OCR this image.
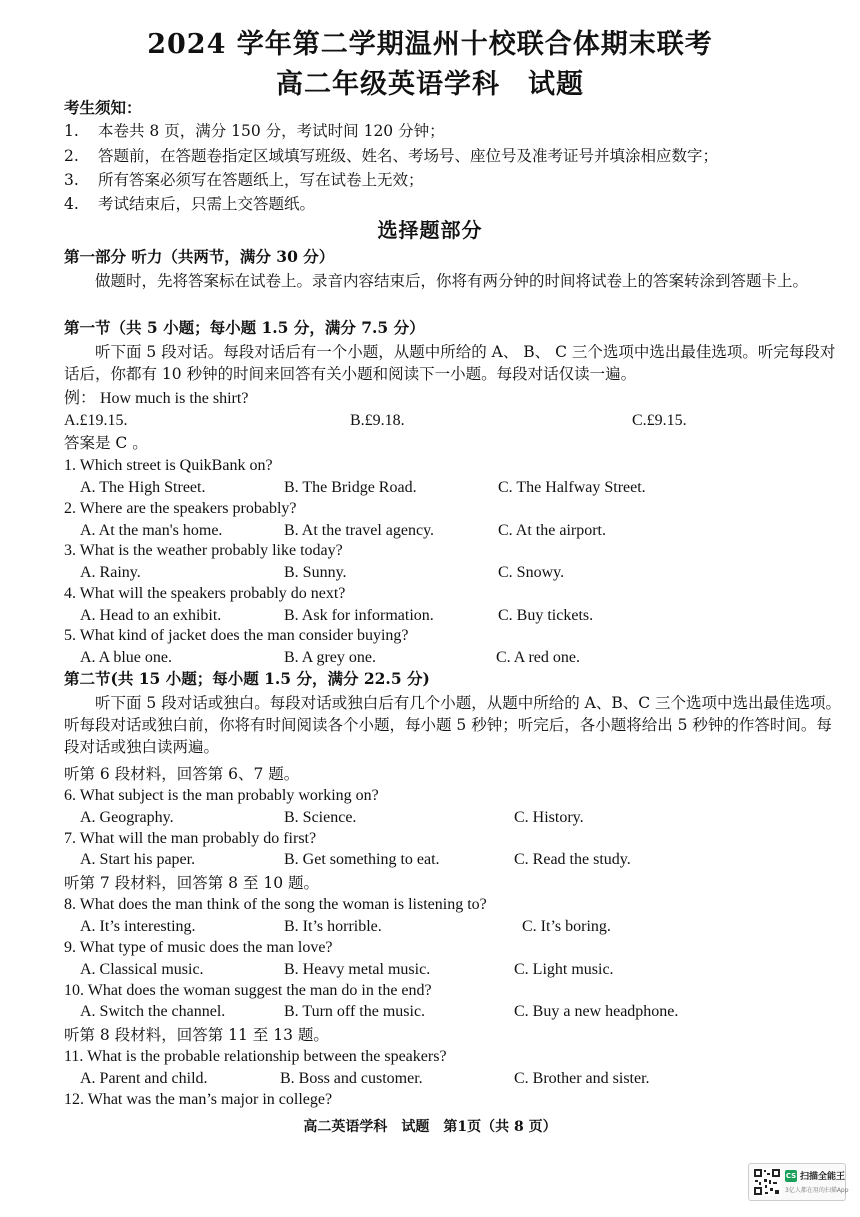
2024 学年第二学期温州十校联合体期末联考
高二年级英语学科 试题
考生须知：
1. 本卷共 8 页，满分 150 分，考试时间 120 分钟；
2. 答题前，在答题卷指定区域填写班级、姓名、考场号、座位号及准考证号并填涂相应数字；
3. 所有答案必须写在答题纸上，写在试卷上无效；
4. 考试结束后，只需上交答题纸。
选择题部分
第一部分 听力（共两节，满分 30 分）
做题时，先将答案标在试卷上。录音内容结束后，你将有两分钟的时间将试卷上的答案转涂到答题卡上。
第一节（共 5 小题；每小题 1.5 分，满分 7.5 分）
听下面 5 段对话。每段对话后有一个小题，从题中所给的 A、 B、 C 三个选项中选出最佳选项。听完每段对话后，你都有 10 秒钟的时间来回答有关小题和阅读下一小题。每段对话仅读一遍。
例： How much is the shirt?
A.£19.15.	B.£9.18.	C.£9.15.
答案是 C 。
1. Which street is QuikBank on?
A. The High Street.	B. The Bridge Road.	C. The Halfway Street.
2. Where are the speakers probably?
A. At the man's home.	B. At the travel agency.	C. At the airport.
3. What is the weather probably like today?
A. Rainy.	B. Sunny.	C. Snowy.
4. What will the speakers probably do next?
A. Head to an exhibit.	B. Ask for information.	C. Buy tickets.
5. What kind of jacket does the man consider buying?
A. A blue one.	B. A grey one.	C. A red one.
第二节(共 15 小题；每小题 1.5 分，满分 22.5 分)
听下面 5 段对话或独白。每段对话或独白后有几个小题，从题中所给的 A、B、C 三个选项中选出最佳选项。听每段对话或独白前，你将有时间阅读各个小题，每小题 5 秒钟；听完后，各小题将给出 5 秒钟的作答时间。每段对话或独白读两遍。
听第 6 段材料，回答第 6、7 题。
6. What subject is the man probably working on?
A. Geography.	B. Science.	C. History.
7. What will the man probably do first?
A. Start his paper.	B. Get something to eat.	C. Read the study.
听第 7 段材料，回答第 8 至 10 题。
8. What does the man think of the song the woman is listening to?
A. It’s interesting.	B. It’s horrible.	C. It’s boring.
9. What type of music does the man love?
A. Classical music.	B. Heavy metal music.	C. Light music.
10. What does the woman suggest the man do in the end?
A. Switch the channel.	B. Turn off the music.	C. Buy a new headphone.
听第 8 段材料，回答第 11 至 13 题。
11. What is the probable relationship between the speakers?
A. Parent and child.	B. Boss and customer.	C. Brother and sister.
12. What was the man’s major in college?
高二英语学科　试题　第1页（共 8 页）
CS 扫描全能王
3亿人都在用的扫描App
